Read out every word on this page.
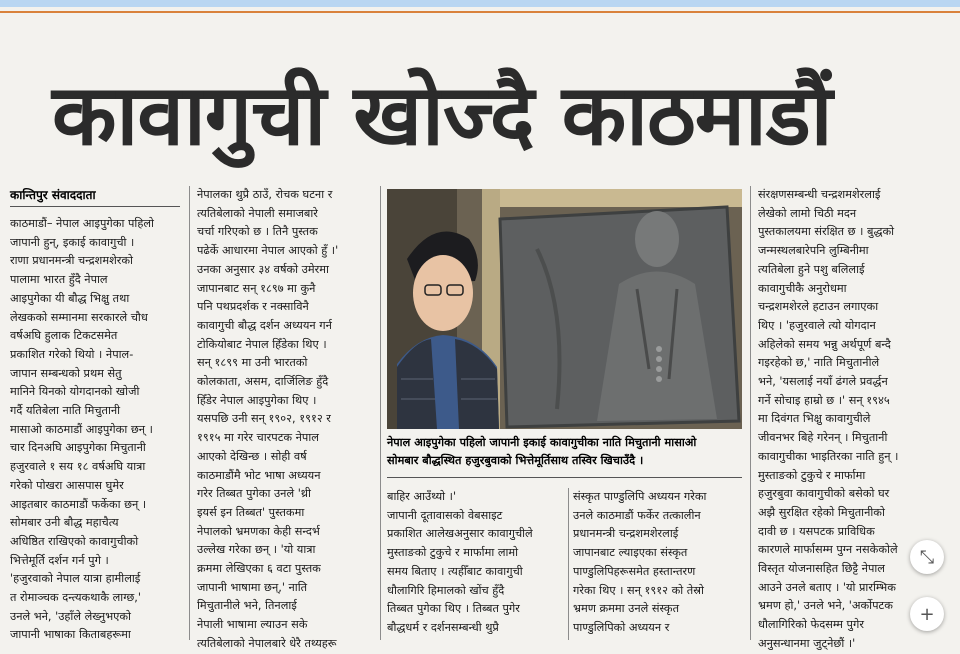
कावागुची खोज्दै काठमाडौं
कान्तिपुर संवाददाता

काठमाडौं– नेपाल आइपुगेका पहिलो

जापानी हुन्, इकाई कावागुची ।

राणा प्रधानमन्त्री चन्द्रशमशेरको

पालामा भारत हुँदै नेपाल

आइपुगेका यी बौद्ध भिक्षु तथा

लेखकको सम्मानमा सरकारले चौध

वर्षअघि हुलाक टिकटसमेत

प्रकाशित गरेको थियो । नेपाल-

जापान सम्बन्धको प्रथम सेतु

मानिने यिनको योगदानको खोजी

गर्दै यतिबेला नाति मिचुतानी

मासाओ काठमाडौं आइपुगेका छन् ।

चार दिनअघि आइपुगेका मिचुतानी

हजुरवाले १ सय १८ वर्षअघि यात्रा

गरेको पोखरा आसपास घुमेर

आइतबार काठमाडौं फर्केका छन् ।

सोमबार उनी बौद्ध महाचैत्य

अधिष्ठित राखिएको कावागुचीको

भित्तेमूर्ति दर्शन गर्न पुगे ।

'हजुरवाको नेपाल यात्रा हामीलाई

त रोमाञ्चक दन्त्यकथाकै लाग्छ,'

उनले भने, 'उहाँले लेख्नुभएको

जापानी भाषाका किताबहरूमा

नेपालका थुप्रै ठाउँ, रोचक घटना र

त्यतिबेलाको नेपाली समाजबारे

चर्चा गरिएको छ । तिनै पुस्तक

पढेर्के आधारमा नेपाल आएको हुँ ।'

उनका अनुसार ३४ वर्षको उमेरमा

जापानबाट सन् १८९७ मा कुनै

पनि पथप्रदर्शक र नक्साविनै

कावागुची बौद्ध दर्शन अध्ययन गर्न

टोकियोबाट नेपाल हिँडेका थिए ।

सन् १८९९ मा उनी भारतको

कोलकाता, असम, दार्जिलिङ हुँदै

हिँडेर नेपाल आइपुगेका थिए ।

यसपछि उनी सन् १९०२, १९१२ र

१९१५ मा गरेर चारपटक नेपाल

आएको देखिन्छ । सोही वर्ष

काठमाडौंमै भोट भाषा अध्ययन

गरेर तिब्बत पुगेका उनले 'थ्री

इयर्स इन तिब्बत' पुस्तकमा

नेपालको भ्रमणका केही सन्दर्भ

उल्लेख गरेका छन् । 'यो यात्रा

क्रममा लेखिएका ६ वटा पुस्तक

जापानी भाषामा छन्,' नाति

मिचुतानीले भने, तिनलाई

नेपाली भाषामा ल्याउन सके

त्यतिबेलाको नेपालबारे धेरै तथ्यहरू

नेपाल आइपुगेका पहिलो जापानी इकाई कावागुचीका नाति मिचुतानी मासाओ

सोमबार बौद्धस्थित हजुरबुवाको भित्तेमूर्तिसाथ तस्विर खिचाउँदै ।

बाहिर आउँथ्यो ।'

जापानी दूतावासको वेबसाइट

प्रकाशित आलेखअनुसार कावागुचीले

मुस्ताङको टुकुचे र मार्फामा लामो

समय बिताए । त्यहीँबाट कावागुची

धौलागिरि हिमालको खोंच हुँदै

तिब्बत पुगेका थिए । तिब्बत पुगेर

बौद्धधर्म र दर्शनसम्बन्धी थुप्रै

संस्कृत पाण्डुलिपि अध्ययन गरेका

उनले काठमाडौं फर्केर तत्कालीन

प्रधानमन्त्री चन्द्रशमशेरलाई

जापानबाट ल्याइएका संस्कृत

पाण्डुलिपिहरूसमेत हस्तान्तरण

गरेका थिए । सन् १९१२ को तेस्रो

भ्रमण क्रममा उनले संस्कृत

पाण्डुलिपिको अध्ययन र

संरक्षणसम्बन्धी चन्द्रशमशेरलाई

लेखेको लामो चिठी मदन

पुस्तकालयमा संरक्षित छ । बुद्धको

जन्मस्थलबारेपनि लुम्बिनीमा

त्यतिबेला हुने पशु बलिलाई

कावागुचीकै अनुरोधमा

चन्द्रशमशेरले हटाउन लगाएका

थिए । 'हजुरवाले त्यो योगदान

अहिलेको समय भन्नु अर्थपूर्ण बन्दै

गइरहेको छ,' नाति मिचुतानीले

भने, 'यसलाई नयाँ ढंगले प्रवर्द्धन

गर्ने सोचाइ हाम्रो छ ।' सन् १९४५

मा दिवंगत भिक्षु कावागुचीले

जीवनभर बिहे गरेनन् । मिचुतानी

कावागुचीका भाइतिरका नाति हुन् ।

मुस्ताङको टुकुचे र मार्फामा

हजुरबुवा कावागुचीको बसेको घर

अझै सुरक्षित रहेको मिचुतानीको

दावी छ । यसपटक प्राविधिक

कारणले मार्फासम्म पुग्न नसकेकोले

विस्तृत योजनासहित छिट्टै नेपाल

आउने उनले बताए । 'यो प्रारम्भिक

भ्रमण हो,' उनले भने, 'अर्कोपटक

धौलागिरिको फेदसम्म पुगेर

अनुसन्धानमा जुट्नेछौं ।'

⤡
+
